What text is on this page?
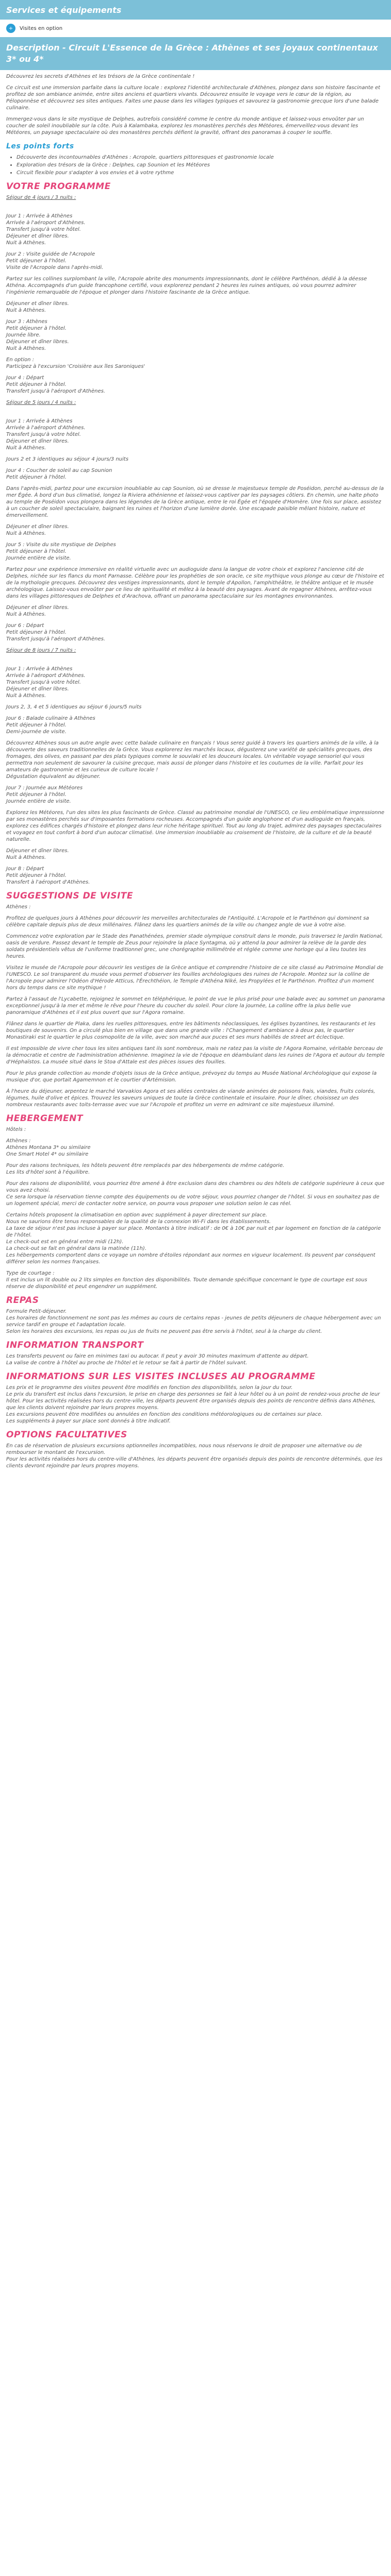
Services et équipements
+	Visites en option
Description - Circuit L'Essence de la Grèce : Athènes et ses joyaux continentaux 3* ou 4*

Découvrez les secrets d'Athènes et les trésors de la Grèce continentale !

Ce circuit est une immersion parfaite dans la culture locale : explorez l'identité architecturale d'Athènes, plongez dans son histoire fascinante et profitez de son ambiance animée, entre sites anciens et quartiers vivants. Découvrez ensuite le voyage vers le cœur de la région, au Péloponnèse et découvrez ses sites antiques. Faites une pause dans les villages typiques et savourez la gastronomie grecque lors d'une balade culinaire.

Immergez-vous dans le site mystique de Delphes, autrefois considéré comme le centre du monde antique et laissez-vous envoûter par un coucher de soleil inoubliable sur la côte. Puis à Kalambaka, explorez les monastères perchés des Météores, émerveillez-vous devant les Météores, un paysage spectaculaire où des monastères perchés défient la gravité, offrant des panoramas à couper le souffle.

Les points forts
• Découverte des incontournables d'Athènes : Acropole, quartiers pittoresques et gastronomie locale
• Exploration des trésors de la Grèce : Delphes, cap Sounion et les Météores
• Circuit flexible pour s'adapter à vos envies et à votre rythme
VOTRE PROGRAMME

Séjour de 4 jours / 3 nuits :

Jour 1 : Arrivée à Athènes
Arrivée à l'aéroport d'Athènes.
Transfert jusqu'à votre hôtel.
Déjeuner et dîner libres.
Nuit à Athènes.

Jour 2 : Visite guidée de l'Acropole
Petit déjeuner à l'hôtel.
Visite de l'Acropole dans l'après-midi.

Partez sur les collines surplombant la ville, l'Acropole abrite des monuments impressionnants, dont le célèbre Parthénon, dédié à la déesse Athéna. Accompagnés d'un guide francophone certifié, vous explorerez pendant 2 heures les ruines antiques, où vous pourrez admirer l'ingénierie remarquable de l'époque et plonger dans l'histoire fascinante de la Grèce antique.

Déjeuner et dîner libres.
Nuit à Athènes.

Jour 3 : Athènes
Petit déjeuner à l'hôtel.
Journée libre.
Déjeuner et dîner libres.
Nuit à Athènes.

En option :
Participez à l'excursion 'Croisière aux îles Saroniques'

Jour 4 : Départ
Petit déjeuner à l'hôtel.
Transfert jusqu'à l'aéroport d'Athènes.

Séjour de 5 jours / 4 nuits :

Jour 1 : Arrivée à Athènes
Arrivée à l'aéroport d'Athènes.
Transfert jusqu'à votre hôtel.
Déjeuner et dîner libres.
Nuit à Athènes.

Jours 2 et 3 identiques au séjour 4 jours/3 nuits

Jour 4 : Coucher de soleil au cap Sounion
Petit déjeuner à l'hôtel.

Dans l'après-midi, partez pour une excursion inoubliable au cap Sounion, où se dresse le majestueux temple de Poséidon, perché au-dessus de la mer Égée. À bord d'un bus climatisé, longez la Riviera athénienne et laissez-vous captiver par les paysages côtiers. En chemin, une halte photo au temple de Poséidon vous plongera dans les légendes de la Grèce antique, entre le roi Égée et l'épopée d'Homère. Une fois sur place, assistez à un coucher de soleil spectaculaire, baignant les ruines et l'horizon d'une lumière dorée. Une escapade paisible mêlant histoire, nature et émerveillement.

Déjeuner et dîner libres.
Nuit à Athènes.

Jour 5 : Visite du site mystique de Delphes
Petit déjeuner à l'hôtel.
Journée entière de visite.

Partez pour une expérience immersive en réalité virtuelle avec un audioguide dans la langue de votre choix et explorez l'ancienne cité de Delphes, nichée sur les flancs du mont Parnasse. Célèbre pour les prophéties de son oracle, ce site mythique vous plonge au cœur de l'histoire et de la mythologie grecques. Découvrez des vestiges impressionnants, dont le temple d'Apollon, l'amphithéâtre, le théâtre antique et le musée archéologique. Laissez-vous envoûter par ce lieu de spiritualité et mêlez à la beauté des paysages. Avant de regagner Athènes, arrêtez-vous dans les villages pittoresques de Delphes et d'Arachova, offrant un panorama spectaculaire sur les montagnes environnantes.

Déjeuner et dîner libres.
Nuit à Athènes.

Jour 6 : Départ
Petit déjeuner à l'hôtel.
Transfert jusqu'à l'aéroport d'Athènes.

Séjour de 8 jours / 7 nuits :

Jour 1 : Arrivée à Athènes
Arrivée à l'aéroport d'Athènes.
Transfert jusqu'à votre hôtel.
Déjeuner et dîner libres.
Nuit à Athènes.

Jours 2, 3, 4 et 5 identiques au séjour 6 jours/5 nuits

Jour 6 : Balade culinaire à Athènes
Petit déjeuner à l'hôtel.
Demi-journée de visite.

Découvrez Athènes sous un autre angle avec cette balade culinaire en français ! Vous serez guidé à travers les quartiers animés de la ville, à la découverte des saveurs traditionnelles de la Grèce. Vous explorerez les marchés locaux, dégusterez une variété de spécialités grecques, des fromages, des olives, en passant par des plats typiques comme le souvlaki et les douceurs locales. Un véritable voyage sensoriel qui vous permettra non seulement de savourer la cuisine grecque, mais aussi de plonger dans l'histoire et les coutumes de la ville. Parfait pour les amateurs de gastronomie et les curieux de culture locale !
Dégustation équivalent au déjeuner.

Jour 7 : Journée aux Météores
Petit déjeuner à l'hôtel.
Journée entière de visite.

Explorez les Météores, l'un des sites les plus fascinants de Grèce. Classé au patrimoine mondial de l'UNESCO, ce lieu emblématique impressionne par ses monastères perchés sur d'imposantes formations rocheuses. Accompagnés d'un guide anglophone et d'un audioguide en français, explorez ces édifices chargés d'histoire et plongez dans leur riche héritage spirituel. Tout au long du trajet, admirez des paysages spectaculaires et voyagez en tout confort à bord d'un autocar climatisé. Une immersion inoubliable au croisement de l'histoire, de la culture et de la beauté naturelle.

Déjeuner et dîner libres.
Nuit à Athènes.

Jour 8 : Départ
Petit déjeuner à l'hôtel.
Transfert à l'aéroport d'Athènes.

SUGGESTIONS DE VISITE

Athènes :

Profitez de quelques jours à Athènes pour découvrir les merveilles architecturales de l'Antiquité. L'Acropole et le Parthénon qui dominent sa célèbre capitale depuis plus de deux millénaires. Flânez dans les quartiers animés de la ville ou changez angle de vue à votre aise.

Commencez votre exploration par le Stade des Panathénées, premier stade olympique construit dans le monde, puis traversez le Jardin National, oasis de verdure. Passez devant le temple de Zeus pour rejoindre la place Syntagma, où y attend la pour admirer la relève de la garde des soldats présidentiels vêtus de l'uniforme traditionnel grec, une chorégraphie millimétrée et réglée comme une horloge qui a lieu toutes les heures.

Visitez le musée de l'Acropole pour découvrir les vestiges de la Grèce antique et comprendre l'histoire de ce site classé au Patrimoine Mondial de l'UNESCO. Le sol transparent du musée vous permet d'observer les fouilles archéologiques des ruines de l'Acropole. Montez sur la colline de l'Acropole pour admirer l'Odéon d'Hérode Atticus, l'Érechthéion, le Temple d'Athéna Niké, les Propylées et le Parthénon. Profitez d'un moment hors du temps dans ce site mythique !

Partez à l'assaut de l'Lycabette, rejoignez le sommet en téléphérique, le point de vue le plus prisé pour une balade avec au sommet un panorama exceptionnel jusqu'à la mer et même le rêve pour l'heure du coucher du soleil. Pour clore la journée, La colline offre la plus belle vue panoramique d'Athènes et il est plus ouvert que sur l'Agora romaine.

Flânez dans le quartier de Plaka, dans les ruelles pittoresques, entre les bâtiments néoclassiques, les églises byzantines, les restaurants et les boutiques de souvenirs. On a circulé plus bien en village que dans une grande ville : l'Changement d'ambiance à deux pas, le quartier Monastiraki est le quartier le plus cosmopolite de la ville, avec son marché aux puces et ses murs habillés de street art éclectique.

Il est impossible de vivre cher tous les sites antiques tant ils sont nombreux, mais ne ratez pas la visite de l'Agora Romaine, véritable berceau de la démocratie et centre de l'administration athénienne. Imaginez la vie de l'époque en déambulant dans les ruines de l'Agora et autour du temple d'Héphaïstos. La musée situé dans le Stoa d'Attale est des pièces issues des fouilles.

Pour le plus grande collection au monde d'objets issus de la Grèce antique, prévoyez du temps au Musée National Archéologique qui expose la musique d'or, que portait Agamemnon et le courtier d'Artémision.

À l'heure du déjeuner, arpentez le marché Varvakios Agora et ses allées centrales de viande animées de poissons frais, viandes, fruits colorés, légumes, huile d'olive et épices. Trouvez les saveurs uniques de toute la Grèce continentale et insulaire. Pour le dîner, choisissez un des nombreux restaurants avec toits-terrasse avec vue sur l'Acropole et profitez un verre en admirant ce site majestueux illuminé.

HEBERGEMENT

Hôtels :

Athènes :
Athènes Montana 3* ou similaire
One Smart Hotel 4* ou similaire

Pour des raisons techniques, les hôtels peuvent être remplacés par des hébergements de même catégorie.
Les lits d'hôtel sont à l'équilibre.

Pour des raisons de disponibilité, vous pourriez être amené à être exclusion dans des chambres ou des hôtels de catégorie supérieure à ceux que vous avez choisi.
Ce sera lorsque la réservation tienne compte des équipements ou de votre séjour, vous pourriez changer de l'hôtel. Si vous en souhaitez pas de un logement spécial, merci de contacter notre service, on pourra vous proposer une solution selon le cas réel.

Certains hôtels proposent la climatisation en option avec supplément à payer directement sur place.
Nous ne saurions être tenus responsables de la qualité de la connexion Wi-Fi dans les établissements.
La taxe de séjour n'est pas incluse à payer sur place. Montants à titre indicatif : de 0€ à 10€ par nuit et par logement en fonction de la catégorie de l'hôtel.
Le check-out est en général entre midi (12h).
La check-out se fait en général dans la matinée (11h).
Les hébergements comportent dans ce voyage un nombre d'étoiles répondant aux normes en vigueur localement. Ils peuvent par conséquent différer selon les normes françaises.

Type de courtage :
Il est inclus un lit double ou 2 lits simples en fonction des disponibilités. Toute demande spécifique concernant le type de courtage est sous réserve de disponibilité et peut engendrer un supplément.

REPAS

Formule Petit-déjeuner.
Les horaires de fonctionnement ne sont pas les mêmes au cours de certains repas - jeunes de petits déjeuners de chaque hébergement avec un service tardif en groupe et l'adaptation locale.
Selon les horaires des excursions, les repas ou jus de fruits ne peuvent pas être servis à l'hôtel, seul à la charge du client.

INFORMATION TRANSPORT

Les transferts peuvent ou faire en minimes taxi ou autocar. Il peut y avoir 30 minutes maximum d'attente au départ.
La valise de contre à l'hôtel au proche de l'hôtel et le retour se fait à partir de l'hôtel suivant.

INFORMATIONS SUR LES VISITES INCLUSES AU PROGRAMME

Les prix et le programme des visites peuvent être modifiés en fonction des disponibilités, selon la jour du tour.
Le prix du transfert est inclus dans l'excursion, le prise en charge des personnes se fait à leur hôtel ou à un point de rendez-vous proche de leur hôtel. Pour les activités réalisées hors du centre-ville, les départs peuvent être organisés depuis des points de rencontre définis dans Athènes, que les clients doivent rejoindre par leurs propres moyens.
Les excursions peuvent être modifiées ou annulées en fonction des conditions météorologiques ou de certaines sur place.
Les suppléments à payer sur place sont donnés à titre indicatif.

OPTIONS FACULTATIVES

En cas de réservation de plusieurs excursions optionnelles incompatibles, nous nous réservons le droit de proposer une alternative ou de rembourser le montant de l'excursion.
Pour les activités réalisées hors du centre-ville d'Athènes, les départs peuvent être organisés depuis des points de rencontre déterminés, que les clients devront rejoindre par leurs propres moyens.
